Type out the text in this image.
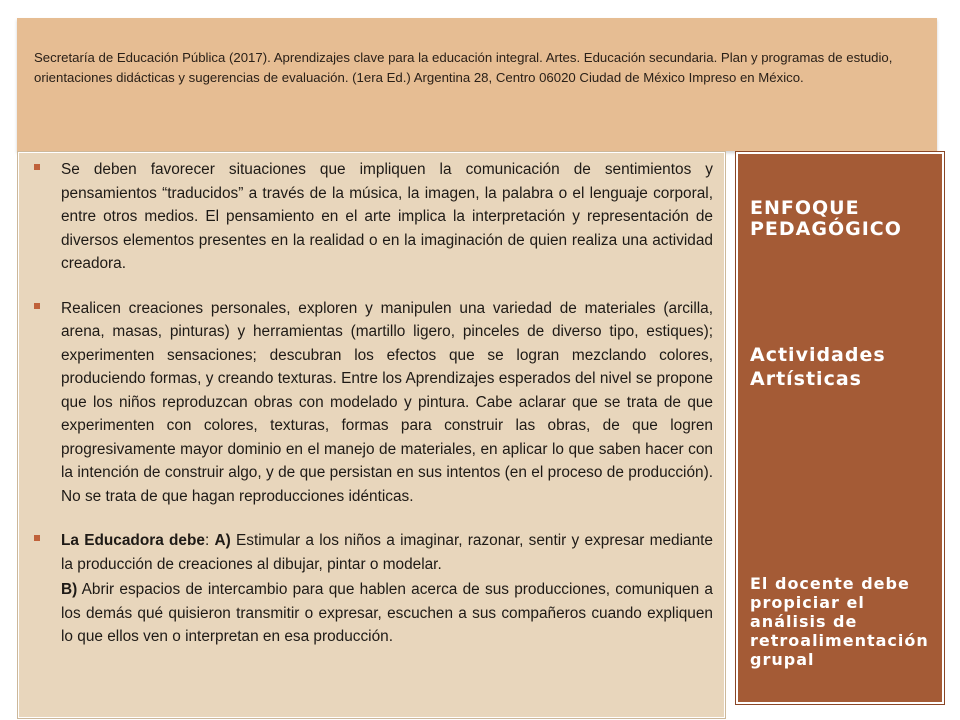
Secretaría de Educación Pública (2017). Aprendizajes clave para la educación integral. Artes. Educación secundaria. Plan y programas de estudio, orientaciones didácticas y sugerencias de evaluación. (1era Ed.) Argentina 28, Centro 06020 Ciudad de México Impreso en México.

Se deben favorecer situaciones que impliquen la comunicación de sentimientos y pensamientos “traducidos” a través de la música, la imagen, la palabra o el lenguaje corporal, entre otros medios. El pensamiento en el arte implica la interpretación y representación de diversos elementos presentes en la realidad o en la imaginación de quien realiza una actividad creadora.

Realicen creaciones personales, exploren y manipulen una variedad de materiales (arcilla, arena, masas, pinturas) y herramientas (martillo ligero, pinceles de diverso tipo, estiques); experimenten sensaciones; descubran los efectos que se logran mezclando colores, produciendo formas, y creando texturas. Entre los Aprendizajes esperados del nivel se propone que los niños reproduzcan obras con modelado y pintura. Cabe aclarar que se trata de que experimenten con colores, texturas, formas para construir las obras, de que logren progresivamente mayor dominio en el manejo de materiales, en aplicar lo que saben hacer con la intención de construir algo, y de que persistan en sus intentos (en el proceso de producción). No se trata de que hagan reproducciones idénticas.

La Educadora debe: A) Estimular a los niños a imaginar, razonar, sentir y expresar mediante la producción de creaciones al dibujar, pintar o modelar.

B) Abrir espacios de intercambio para que hablen acerca de sus producciones, comuniquen a los demás qué quisieron transmitir o expresar, escuchen a sus compañeros cuando expliquen lo que ellos ven o interpretan en esa producción.

ENFOQUE PEDAGÓGICO

Actividades Artísticas

El docente debe propiciar el análisis de retroalimentación grupal
